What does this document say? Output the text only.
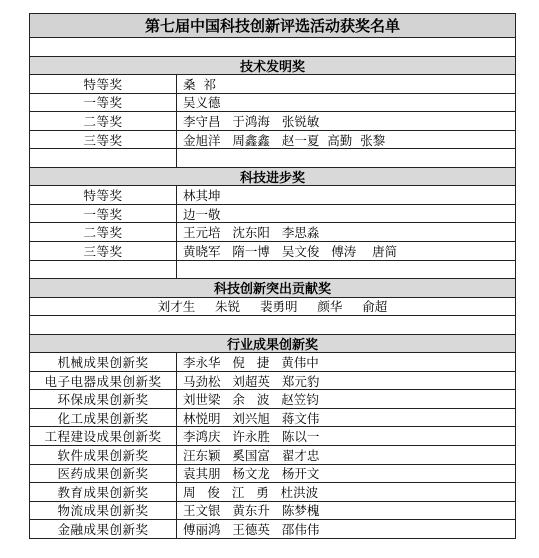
第七届中国科技创新评选活动获奖名单
技术发明奖
特等奖	桑  祁
一等奖	吴义德
二等奖	李守昌   于鸿海   张锐敏
三等奖	金旭洋   周鑫鑫   赵一夏  高勤  张黎
科技进步奖
特等奖	林其坤
一等奖	边一敬
二等奖	王元培   沈东阳   李思淼
三等奖	黄晓军   隋一博   吴文俊   傅涛    唐简
科技创新突出贡献奖
刘才生     朱锐     裴勇明     颜华     俞超
行业成果创新奖
机械成果创新奖	李永华   倪   捷   黄伟中
电子电器成果创新奖	马劲松   刘超英   郑元豹
环保成果创新奖	刘世梁   余   波   赵笠钧
化工成果创新奖	林悦明   刘兴旭   蒋文伟
工程建设成果创新奖	李鸿庆   许永胜   陈以一
软件成果创新奖	汪东颖   奚国富   翟才忠
医药成果创新奖	袁其朋   杨文龙   杨开文
教育成果创新奖	周   俊   江   勇   杜洪波
物流成果创新奖	王文银   黄东升   陈梦槐
金融成果创新奖	傅丽鸿   王德英   邵伟伟
